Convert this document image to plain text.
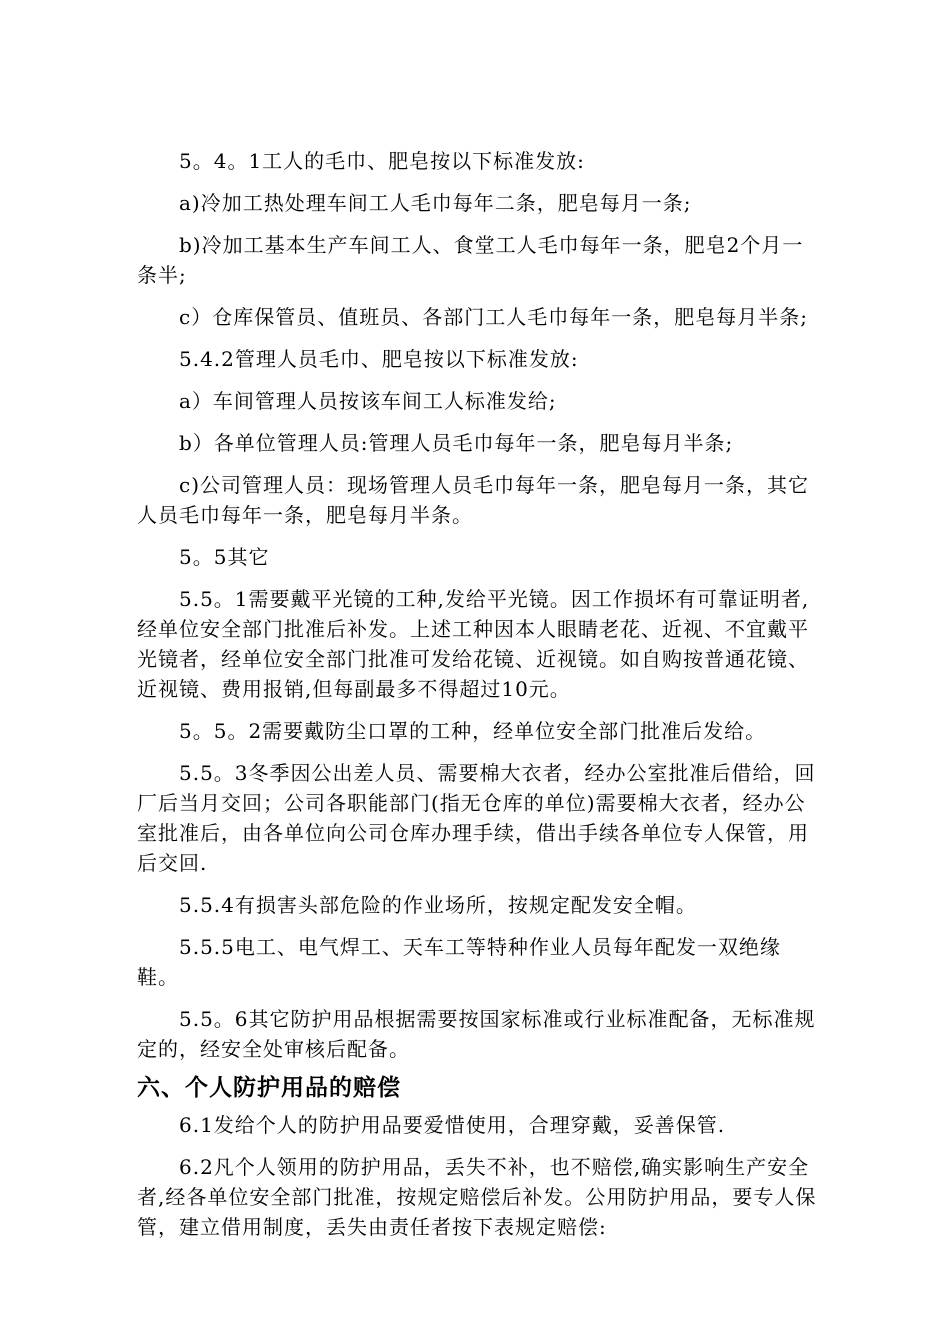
5。4。1工人的毛巾、肥皂按以下标准发放:

a)冷加工热处理车间工人毛巾每年二条，肥皂每月一条;

b)冷加工基本生产车间工人、食堂工人毛巾每年一条，肥皂2个月一条半;

c）仓库保管员、值班员、各部门工人毛巾每年一条，肥皂每月半条;

5.4.2管理人员毛巾、肥皂按以下标准发放:

a）车间管理人员按该车间工人标准发给;

b）各单位管理人员:管理人员毛巾每年一条，肥皂每月半条;

c)公司管理人员：现场管理人员毛巾每年一条，肥皂每月一条，其它人员毛巾每年一条，肥皂每月半条。

5。5其它

5.5。1需要戴平光镜的工种,发给平光镜。因工作损坏有可靠证明者,经单位安全部门批准后补发。上述工种因本人眼睛老花、近视、不宜戴平光镜者，经单位安全部门批准可发给花镜、近视镜。如自购按普通花镜、近视镜、费用报销,但每副最多不得超过10元。

5。5。2需要戴防尘口罩的工种，经单位安全部门批准后发给。

5.5。3冬季因公出差人员、需要棉大衣者，经办公室批准后借给，回厂后当月交回；公司各职能部门(指无仓库的单位)需要棉大衣者，经办公室批准后，由各单位向公司仓库办理手续，借出手续各单位专人保管，用后交回.

5.5.4有损害头部危险的作业场所，按规定配发安全帽。

5.5.5电工、电气焊工、天车工等特种作业人员每年配发一双绝缘鞋。

5.5。6其它防护用品根据需要按国家标准或行业标准配备，无标准规定的，经安全处审核后配备。

六、个人防护用品的赔偿

6.1发给个人的防护用品要爱惜使用，合理穿戴，妥善保管.

6.2凡个人领用的防护用品，丢失不补，也不赔偿,确实影响生产安全者,经各单位安全部门批准，按规定赔偿后补发。公用防护用品，要专人保管，建立借用制度，丢失由责任者按下表规定赔偿:
